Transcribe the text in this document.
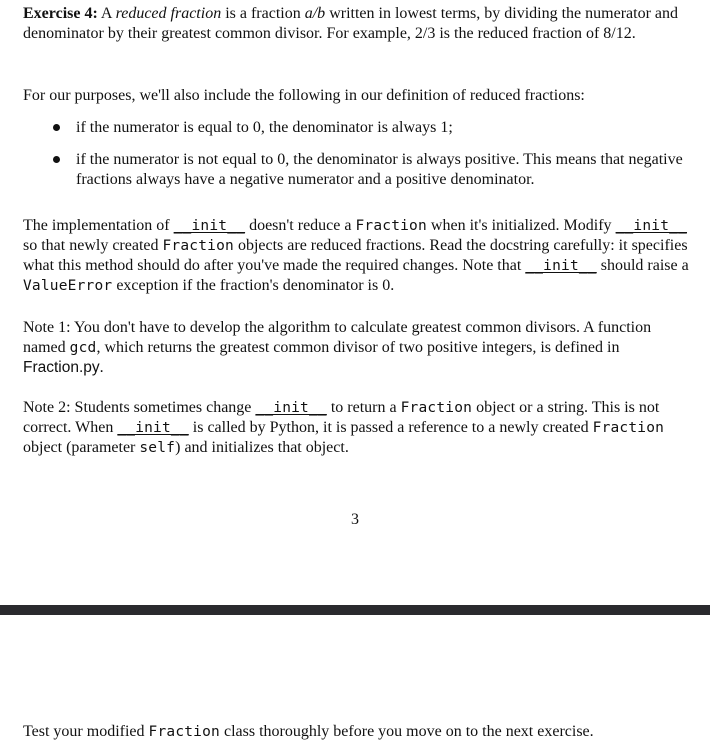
Exercise 4: A reduced fraction is a fraction a/b written in lowest terms, by dividing the numerator and denominator by their greatest common divisor. For example, 2/3 is the reduced fraction of 8/12.

For our purposes, we'll also include the following in our definition of reduced fractions:

if the numerator is equal to 0, the denominator is always 1;
if the numerator is not equal to 0, the denominator is always positive. This means that negative fractions always have a negative numerator and a positive denominator.

The implementation of __init__ doesn't reduce a Fraction when it's initialized. Modify __init__ so that newly created Fraction objects are reduced fractions. Read the docstring carefully: it specifies what this method should do after you've made the required changes. Note that __init__ should raise a ValueError exception if the fraction's denominator is 0.

Note 1: You don't have to develop the algorithm to calculate greatest common divisors. A function named gcd, which returns the greatest common divisor of two positive integers, is defined in Fraction.py.

Note 2: Students sometimes change __init__ to return a Fraction object or a string. This is not correct. When __init__ is called by Python, it is passed a reference to a newly created Fraction object (parameter self) and initializes that object.

3

Test your modified Fraction class thoroughly before you move on to the next exercise.
